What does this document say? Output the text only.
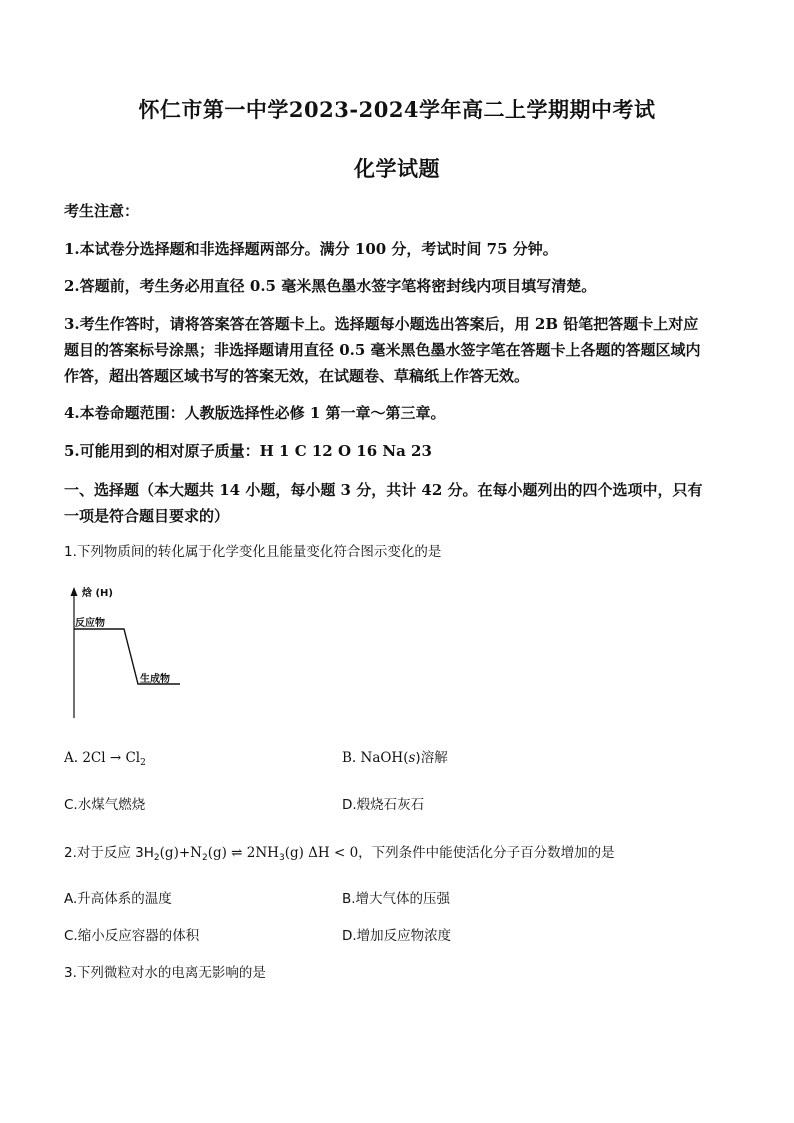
怀仁市第一中学2023-2024学年高二上学期期中考试
化学试题
考生注意：
1.本试卷分选择题和非选择题两部分。满分 100 分，考试时间 75 分钟。
2.答题前，考生务必用直径 0.5 毫米黑色墨水签字笔将密封线内项目填写清楚。
3.考生作答时，请将答案答在答题卡上。选择题每小题选出答案后，用 2B 铅笔把答题卡上对应
题目的答案标号涂黑；非选择题请用直径 0.5 毫米黑色墨水签字笔在答题卡上各题的答题区域内
作答，超出答题区域书写的答案无效，在试题卷、草稿纸上作答无效。
4.本卷命题范围：人教版选择性必修 1 第一章～第三章。
5.可能用到的相对原子质量：H 1 C 12 O 16 Na 23
一、选择题（本大题共 14 小题，每小题 3 分，共计 42 分。在每小题列出的四个选项中，只有
一项是符合题目要求的）
1.下列物质间的转化属于化学变化且能量变化符合图示变化的是
焓 (H)
反应物
生成物
A. $2Cl \to Cl_2$	B. NaOH(s)溶解
C.水煤气燃烧	D.煅烧石灰石
2.对于反应 $3H_2(g)+N_2(g)$ ⇌ $2NH_3(g) \Delta H < 0$，下列条件中能使活化分子百分数增加的是
A.升高体系的温度	B.增大气体的压强
C.缩小反应容器的体积	D.增加反应物浓度
3.下列微粒对水的电离无影响的是
